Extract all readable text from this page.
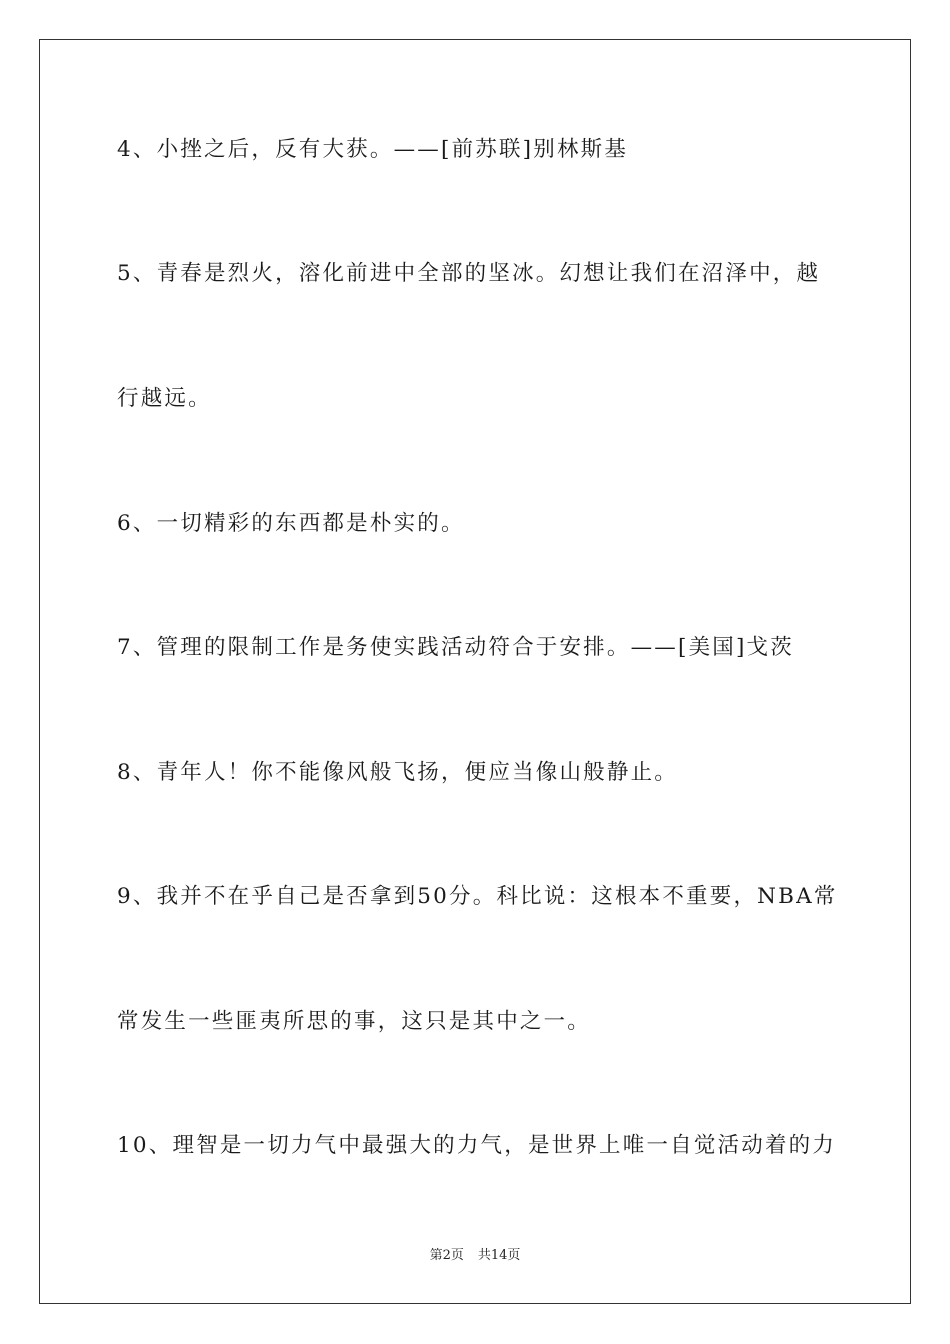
4、小挫之后，反有大获。——[前苏联]别林斯基
5、青春是烈火，溶化前进中全部的坚冰。幻想让我们在沼泽中，越
行越远。
6、一切精彩的东西都是朴实的。
7、管理的限制工作是务使实践活动符合于安排。——[美国]戈茨
8、青年人！你不能像风般飞扬，便应当像山般静止。
9、我并不在乎自己是否拿到50分。科比说：这根本不重要，NBA常
常发生一些匪夷所思的事，这只是其中之一。
10、理智是一切力气中最强大的力气，是世界上唯一自觉活动着的力
第2页 共14页
